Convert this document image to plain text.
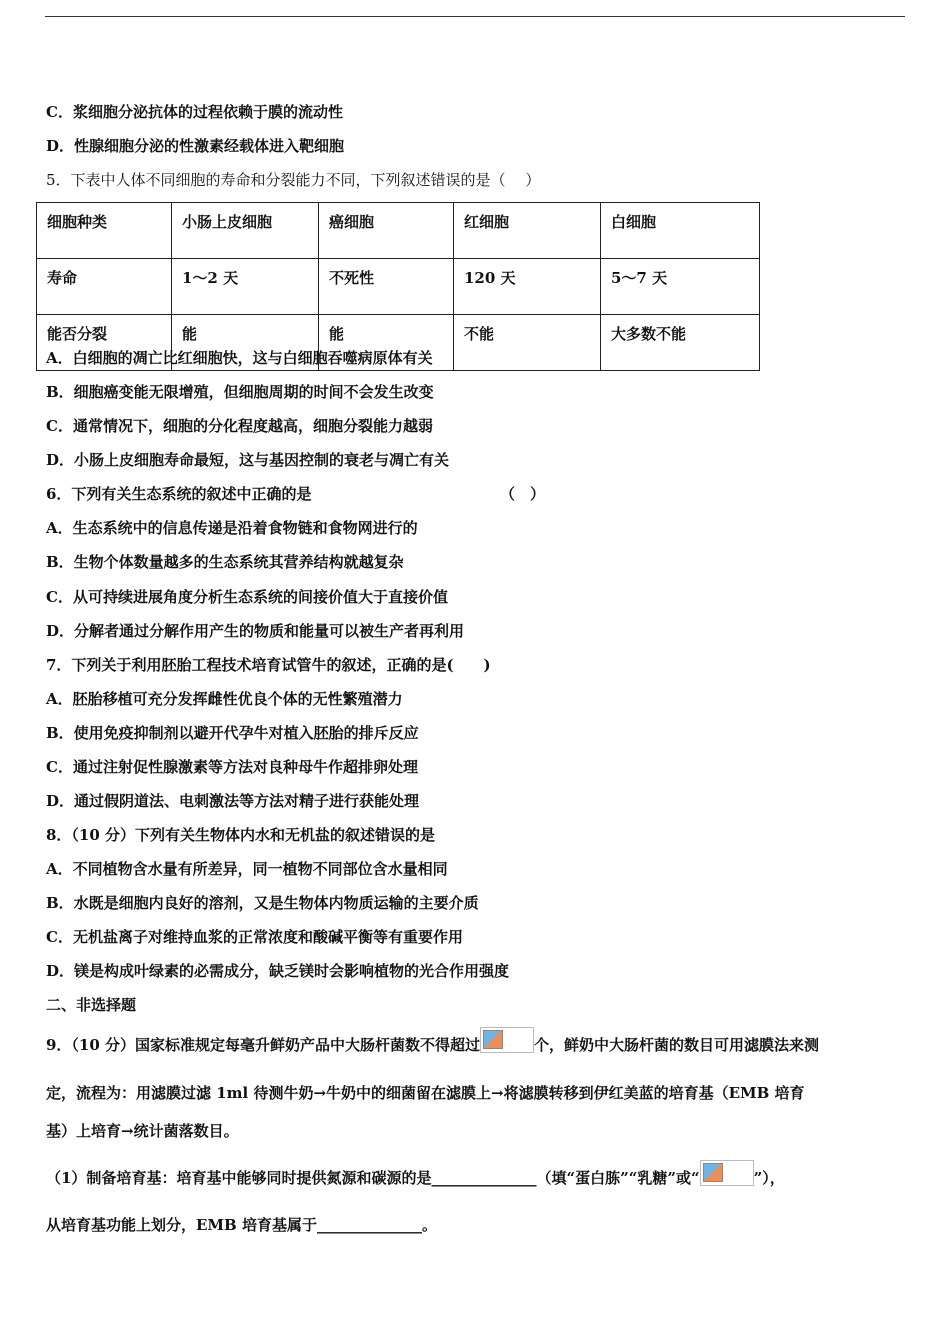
C．浆细胞分泌抗体的过程依赖于膜的流动性
D．性腺细胞分泌的性激素经载体进入靶细胞
5．下表中人体不同细胞的寿命和分裂能力不同，下列叙述错误的是（　 ）
细胞种类	小肠上皮细胞	癌细胞	红细胞	白细胞
寿命	1～2 天	不死性	120 天	5～7 天
能否分裂	能	能	不能	大多数不能
A．白细胞的凋亡比红细胞快，这与白细胞吞噬病原体有关
B．细胞癌变能无限增殖，但细胞周期的时间不会发生改变
C．通常情况下，细胞的分化程度越高，细胞分裂能力越弱
D．小肠上皮细胞寿命最短，这与基因控制的衰老与凋亡有关
6．下列有关生态系统的叙述中正确的是	（　）
A．生态系统中的信息传递是沿着食物链和食物网进行的
B．生物个体数量越多的生态系统其营养结构就越复杂
C．从可持续进展角度分析生态系统的间接价值大于直接价值
D．分解者通过分解作用产生的物质和能量可以被生产者再利用
7．下列关于利用胚胎工程技术培育试管牛的叙述，正确的是(　　)
A．胚胎移植可充分发挥雌性优良个体的无性繁殖潜力
B．使用免疫抑制剂以避开代孕牛对植入胚胎的排斥反应
C．通过注射促性腺激素等方法对良种母牛作超排卵处理
D．通过假阴道法、电刺激法等方法对精子进行获能处理
8．（10 分）下列有关生物体内水和无机盐的叙述错误的是
A．不同植物含水量有所差异，同一植物不同部位含水量相同
B．水既是细胞内良好的溶剂，又是生物体内物质运输的主要介质
C．无机盐离子对维持血浆的正常浓度和酸碱平衡等有重要作用
D．镁是构成叶绿素的必需成分，缺乏镁时会影响植物的光合作用强度
二、非选择题
9．（10 分）国家标准规定每毫升鲜奶产品中大肠杆菌数不得超过	个，鲜奶中大肠杆菌的数目可用滤膜法来测
定，流程为：用滤膜过滤 1ml 待测牛奶→牛奶中的细菌留在滤膜上→将滤膜转移到伊红美蓝的培育基（EMB 培育
基）上培育→统计菌落数目。
（1）制备培育基：培育基中能够同时提供氮源和碳源的是______________（填“蛋白胨”“乳糖”或“	”），
从培育基功能上划分，EMB 培育基属于______________。
